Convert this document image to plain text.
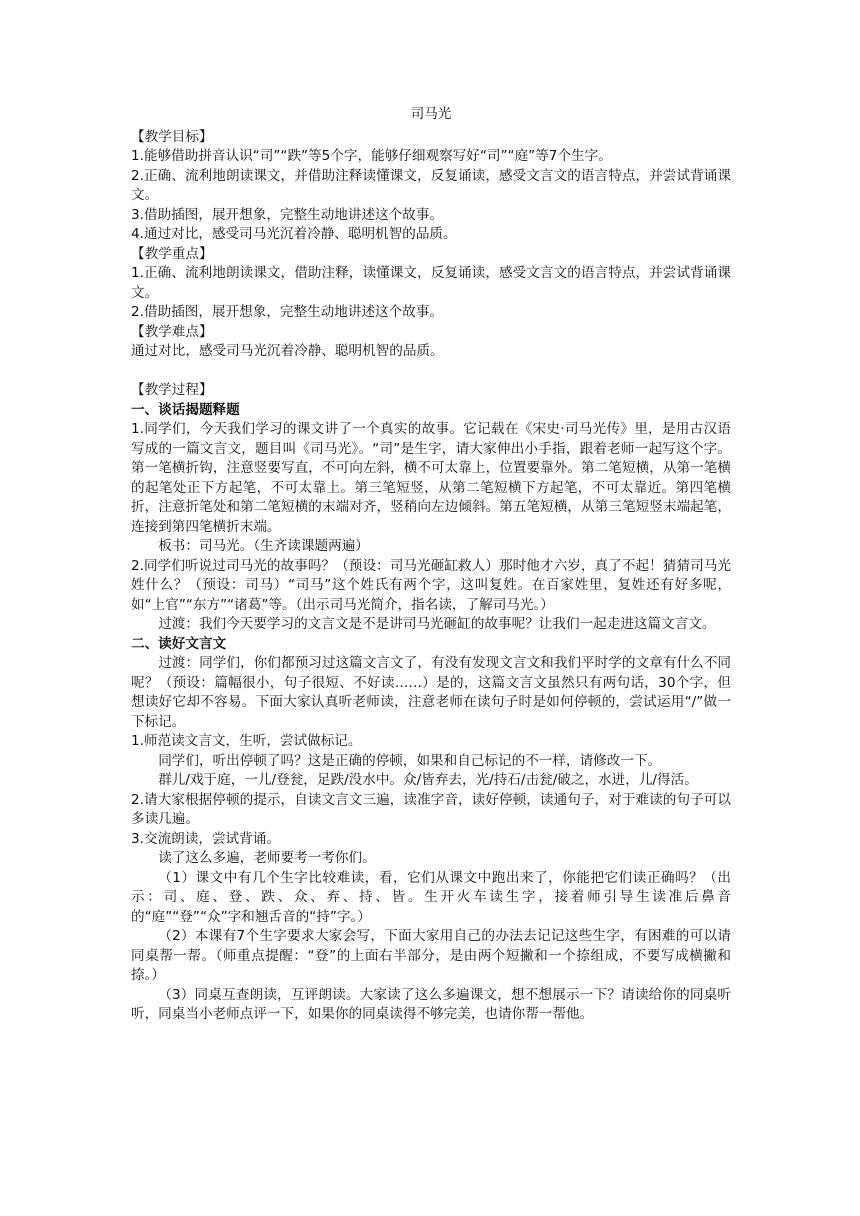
司马光

【教学目标】

1.能够借助拼音认识“司”“跌”等5个字，能够仔细观察写好“司”“庭”等7个生字。

2.正确、流利地朗读课文，并借助注释读懂课文，反复诵读，感受文言文的语言特点，并尝试背诵课文。

3.借助插图，展开想象，完整生动地讲述这个故事。

4.通过对比，感受司马光沉着冷静、聪明机智的品质。

【教学重点】

1.正确、流利地朗读课文，借助注释，读懂课文，反复诵读，感受文言文的语言特点，并尝试背诵课文。

2.借助插图，展开想象，完整生动地讲述这个故事。

【教学难点】

通过对比，感受司马光沉着冷静、聪明机智的品质。

【教学过程】

一、谈话揭题释题

1.同学们，今天我们学习的课文讲了一个真实的故事。它记载在《宋史·司马光传》里，是用古汉语写成的一篇文言文，题目叫《司马光》。“司”是生字，请大家伸出小手指，跟着老师一起写这个字。第一笔横折钩，注意竖要写直，不可向左斜，横不可太靠上，位置要靠外。第二笔短横，从第一笔横的起笔处正下方起笔，不可太靠上。第三笔短竖，从第二笔短横下方起笔，不可太靠近。第四笔横折，注意折笔处和第二笔短横的末端对齐，竖稍向左边倾斜。第五笔短横，从第三笔短竖末端起笔，连接到第四笔横折末端。

板书：司马光。（生齐读课题两遍）

2.同学们听说过司马光的故事吗？（预设：司马光砸缸救人）那时他才六岁，真了不起！猜猜司马光姓什么？（预设：司马）“司马”这个姓氏有两个字，这叫复姓。在百家姓里，复姓还有好多呢，如“上官”“东方”“诸葛”等。（出示司马光简介，指名读，了解司马光。）

过渡：我们今天要学习的文言文是不是讲司马光砸缸的故事呢？让我们一起走进这篇文言文。

二、读好文言文

过渡：同学们，你们都预习过这篇文言文了，有没有发现文言文和我们平时学的文章有什么不同呢？（预设：篇幅很小，句子很短、不好读……）是的，这篇文言文虽然只有两句话，30个字，但想读好它却不容易。下面大家认真听老师读，注意老师在读句子时是如何停顿的，尝试运用“/”做一下标记。

1.师范读文言文，生听，尝试做标记。

同学们，听出停顿了吗？这是正确的停顿，如果和自己标记的不一样，请修改一下。

群儿/戏于庭，一儿/登瓮，足跌/没水中。众/皆弃去，光/持石/击瓮/破之，水迸，儿/得活。

2.请大家根据停顿的提示，自读文言文三遍，读准字音，读好停顿，读通句子，对于难读的句子可以多读几遍。

3.交流朗读，尝试背诵。

读了这么多遍，老师要考一考你们。

（1）课文中有几个生字比较难读，看，它们从课文中跑出来了，你能把它们读正确吗？（出示：司、庭、登、跌、众、弃、持、皆。生开火车读生字，接着师引导生读准后鼻音的“庭”“登”“众”字和翘舌音的“持”字。）

（2）本课有7个生字要求大家会写，下面大家用自己的办法去记记这些生字，有困难的可以请同桌帮一帮。（师重点提醒：“登”的上面右半部分，是由两个短撇和一个捺组成，不要写成横撇和捺。）

（3）同桌互查朗读，互评朗读。大家读了这么多遍课文，想不想展示一下？请读给你的同桌听听，同桌当小老师点评一下，如果你的同桌读得不够完美，也请你帮一帮他。
